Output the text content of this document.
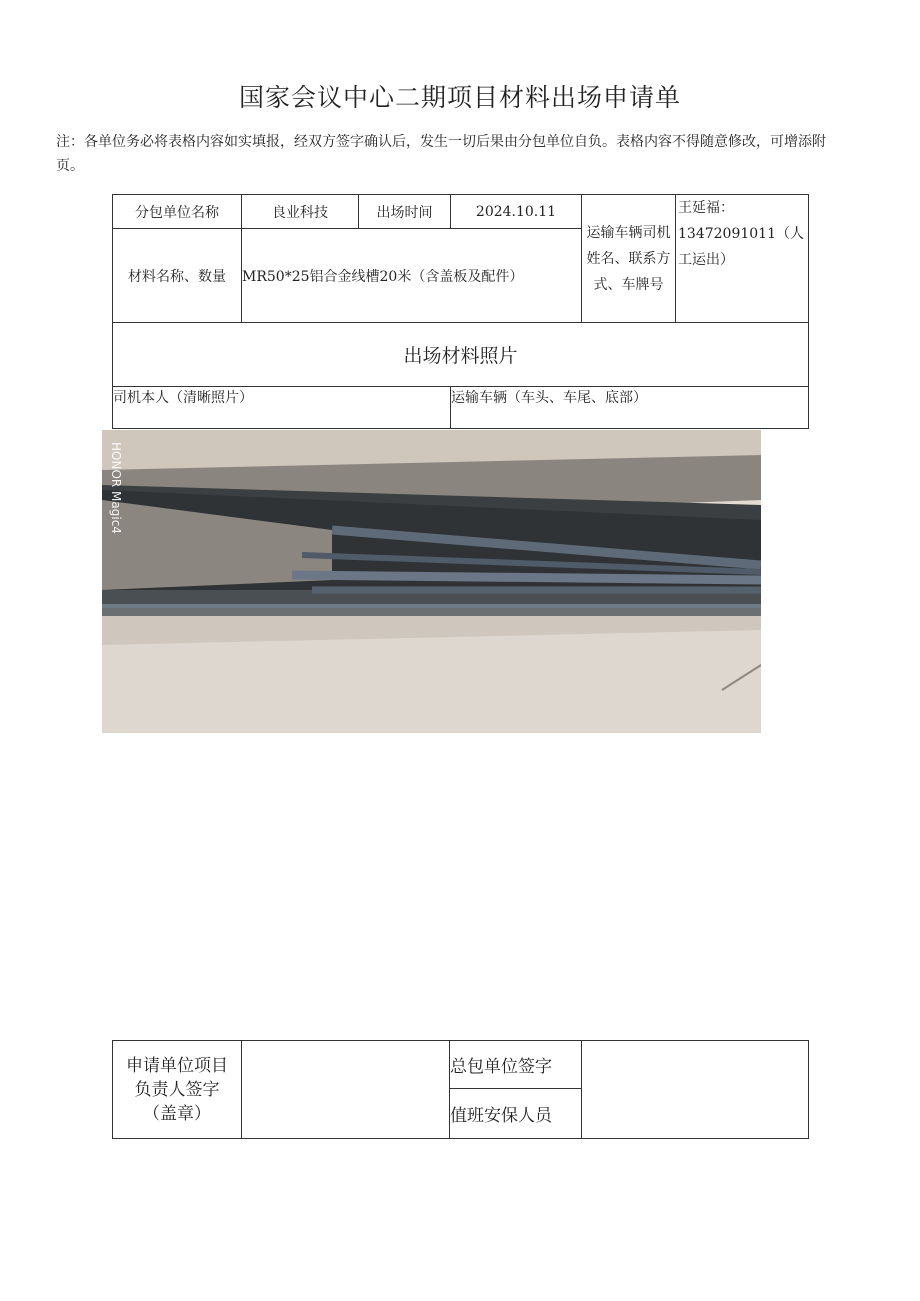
国家会议中心二期项目材料出场申请单
注：各单位务必将表格内容如实填报，经双方签字确认后，发生一切后果由分包单位自负。表格内容不得随意修改，可增添附页。
分包单位名称	良业科技	出场时间	2024.10.11	运输车辆司机姓名、联系方式、车牌号	王延福：13472091011（人工运出）
材料名称、数量	MR50*25铝合金线槽20米（含盖板及配件）				
出场材料照片					
司机本人（清晰照片）			运输车辆（车头、车尾、底部）		
HONOR Magic4
申请单位项目负责人签字（盖章）		总包单位签字	
值班安保人员
